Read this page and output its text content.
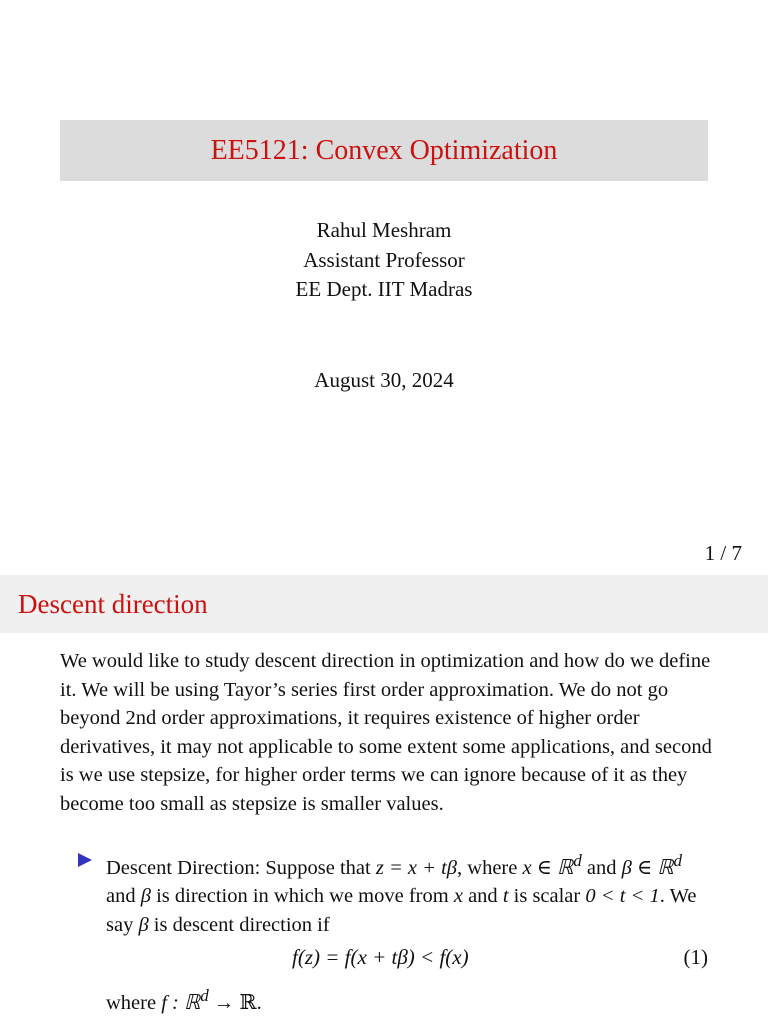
EE5121: Convex Optimization
Rahul Meshram
Assistant Professor
EE Dept. IIT Madras
August 30, 2024
1 / 7
Descent direction
We would like to study descent direction in optimization and how do we define it. We will be using Tayor’s series first order approximation. We do not go beyond 2nd order approximations, it requires existence of higher order derivatives, it may not applicable to some extent some applications, and second is we use stepsize, for higher order terms we can ignore because of it as they become too small as stepsize is smaller values.
Descent Direction: Suppose that z = x + tβ, where x ∈ ℝ$^d$ and β ∈ ℝ$^d$ and β is direction in which we move from x and t is scalar 0 < t < 1. We say β is descent direction if
f(z) = f(x + tβ) < f(x)	(1)
where f : ℝ$^d$ → ℝ.
